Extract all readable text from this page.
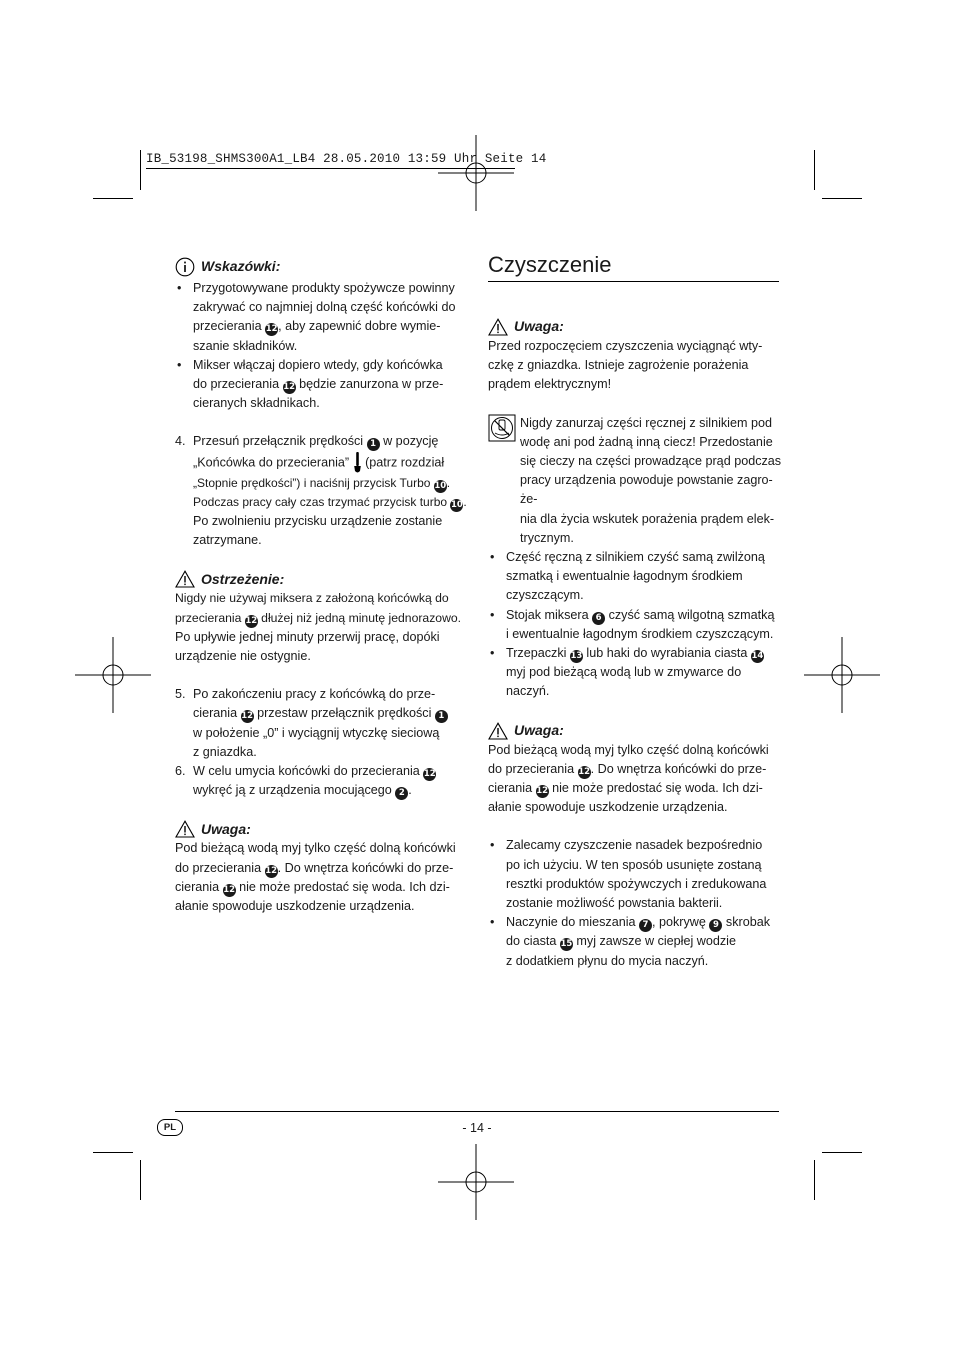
IB_53198_SHMS300A1_LB4 28.05.2010 13:59 Uhr Seite 14
Wskazówki:

• Przygotowywane produkty spożywcze powinny

zakrywać co najmniej dolną część końcówki do

przecierania 12, aby zapewnić dobre wymie-

szanie składników.

• Mikser włączaj dopiero wtedy, gdy końcówka

do przecierania 12 będzie zanurzona w prze-

cieranych składnikach.

4. Przesuń przełącznik prędkości 1 w pozycję

„Końcówka do przecierania”  (patrz rozdział

„Stopnie prędkości”) i naciśnij przycisk Turbo 10.

Podczas pracy cały czas trzymać przycisk turbo 10.

Po zwolnieniu przycisku urządzenie zostanie

zatrzymane.

Ostrzeżenie:

Nigdy nie używaj miksera z założoną końcówką do

przecierania 12 dłużej niż jedną minutę jednorazowo.

Po upływie jednej minuty przerwij pracę, dopóki

urządzenie nie ostygnie.

5. Po zakończeniu pracy z końcówką do prze-

cierania 12 przestaw przełącznik prędkości 1

w położenie „0” i wyciągnij wtyczkę sieciową

z gniazdka.

6. W celu umycia końcówki do przecierania 12

wykręć ją z urządzenia mocującego 2 .

Uwaga:

Pod bieżącą wodą myj tylko część dolną końcówki

do przecierania 12. Do wnętrza końcówki do prze-

cierania 12 nie może predostać się woda. Ich dzi-

ałanie spowoduje uszkodzenie urządzenia.

Czyszczenie
Uwaga:

Przed rozpoczęciem czyszczenia wyciągnąć wty-

czkę z gniazdka. Istnieje zagrożenie porażenia

prądem elektrycznym!

Nigdy zanurzaj części ręcznej z silnikiem pod

wodę ani pod żadną inną ciecz! Przedostanie

się cieczy na części prowadzące prąd podczas

pracy urządzenia powoduje powstanie zagro-że-

nia dla życia wskutek porażenia prądem elek-

trycznym.

• Część ręczną z silnikiem czyść samą zwilżoną

szmatką i ewentualnie łagodnym środkiem

czyszczącym.

• Stojak miksera 6 czyść samą wilgotną szmatką

i ewentualnie łagodnym środkiem czyszczącym.

• Trzepaczki 13 lub haki do wyrabiania ciasta 14

myj pod bieżącą wodą lub w zmywarce do

naczyń.

Uwaga:

Pod bieżącą wodą myj tylko część dolną końcówki

do przecierania 12. Do wnętrza końcówki do prze-

cierania 12 nie może predostać się woda. Ich dzi-

ałanie spowoduje uszkodzenie urządzenia.

• Zalecamy czyszczenie nasadek bezpośrednio

po ich użyciu. W ten sposób usunięte zostaną

resztki produktów spożywczych i zredukowana

zostanie możliwość powstania bakterii.

• Naczynie do mieszania 7 , pokrywę 9 skrobak

do ciasta 15 myj zawsze w ciepłej wodzie

z dodatkiem płynu do mycia naczyń.

PL	- 14 -
